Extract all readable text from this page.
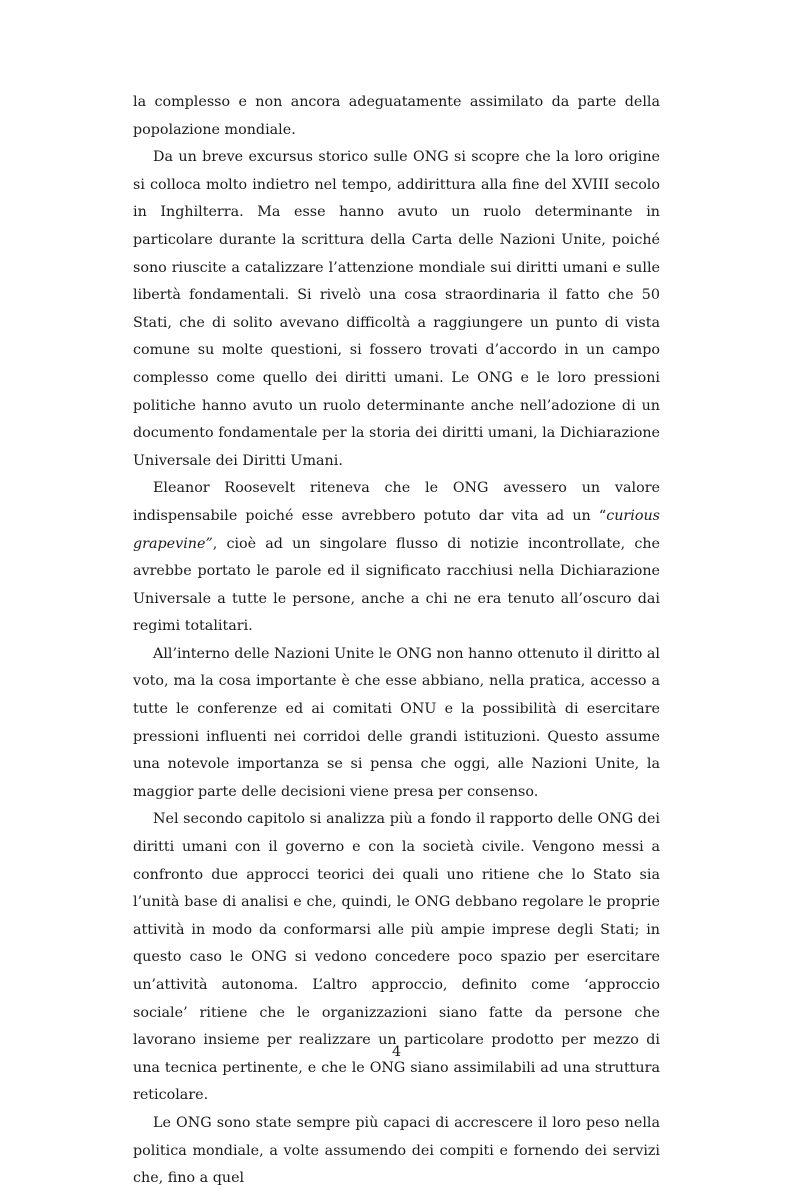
la complesso e non ancora adeguatamente assimilato da parte della popolazione mondiale.

Da un breve excursus storico sulle ONG si scopre che la loro origine si colloca molto indietro nel tempo, addirittura alla fine del XVIII secolo in Inghilterra. Ma esse hanno avuto un ruolo determinante in particolare durante la scrittura della Carta delle Nazioni Unite, poiché sono riuscite a catalizzare l’attenzione mondiale sui diritti umani e sulle libertà fondamentali. Si rivelò una cosa straordinaria il fatto che 50 Stati, che di solito avevano difficoltà a raggiungere un punto di vista comune su molte questioni, si fossero trovati d’accordo in un campo complesso come quello dei diritti umani. Le ONG e le loro pressioni politiche hanno avuto un ruolo determinante anche nell’adozione di un documento fondamentale per la storia dei diritti umani, la Dichiarazione Universale dei Diritti Umani.

Eleanor Roosevelt riteneva che le ONG avessero un valore indispensabile poiché esse avrebbero potuto dar vita ad un “curious grapevine”, cioè ad un singolare flusso di notizie incontrollate, che avrebbe portato le parole ed il significato racchiusi nella Dichiarazione Universale a tutte le persone, anche a chi ne era tenuto all’oscuro dai regimi totalitari.

All’interno delle Nazioni Unite le ONG non hanno ottenuto il diritto al voto, ma la cosa importante è che esse abbiano, nella pratica, accesso a tutte le conferenze ed ai comitati ONU e la possibilità di esercitare pressioni influenti nei corridoi delle grandi istituzioni. Questo assume una notevole importanza se si pensa che oggi, alle Nazioni Unite, la maggior parte delle decisioni viene presa per consenso.

Nel secondo capitolo si analizza più a fondo il rapporto delle ONG dei diritti umani con il governo e con la società civile. Vengono messi a confronto due approcci teorici dei quali uno ritiene che lo Stato sia l’unità base di analisi e che, quindi, le ONG debbano regolare le proprie attività in modo da conformarsi alle più ampie imprese degli Stati; in questo caso le ONG si vedono concedere poco spazio per esercitare un’attività autonoma. L’altro approccio, definito come ‘approccio sociale’ ritiene che le organizzazioni siano fatte da persone che lavorano insieme per realizzare un particolare prodotto per mezzo di una tecnica pertinente, e che le ONG siano assimilabili ad una struttura reticolare.

Le ONG sono state sempre più capaci di accrescere il loro peso nella politica mondiale, a volte assumendo dei compiti e fornendo dei servizi che, fino a quel

4
